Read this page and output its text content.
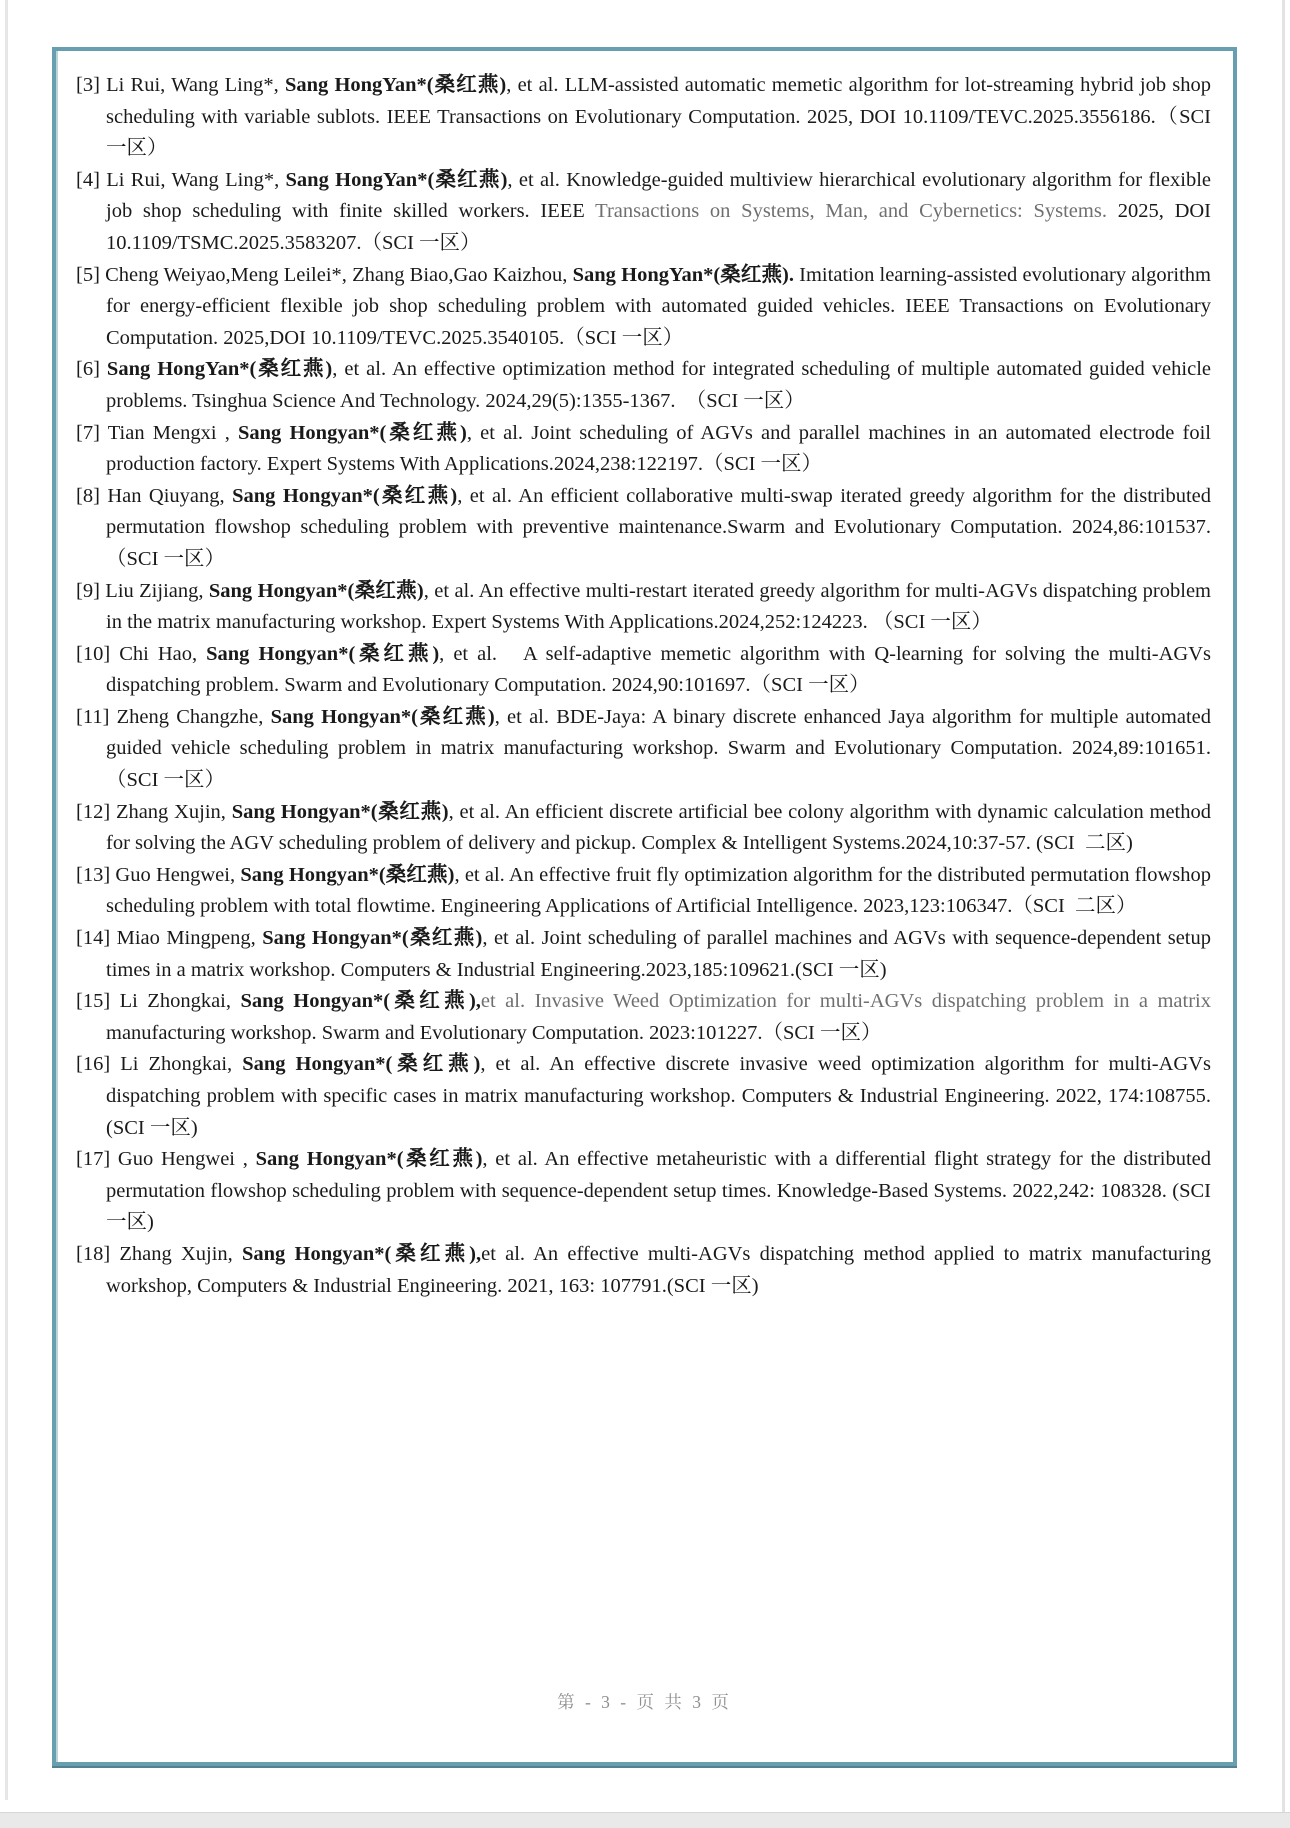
[3] Li Rui, Wang Ling*, Sang HongYan*(桑红燕), et al. LLM-assisted automatic memetic algorithm for lot-streaming hybrid job shop scheduling with variable sublots. IEEE Transactions on Evolutionary Computation. 2025, DOI 10.1109/TEVC.2025.3556186.（SCI 一区）
[4] Li Rui, Wang Ling*, Sang HongYan*(桑红燕), et al. Knowledge-guided multiview hierarchical evolutionary algorithm for flexible job shop scheduling with finite skilled workers. IEEE Transactions on Systems, Man, and Cybernetics: Systems. 2025, DOI 10.1109/TSMC.2025.3583207.（SCI 一区）
[5] Cheng Weiyao,Meng Leilei*, Zhang Biao,Gao Kaizhou, Sang HongYan*(桑红燕). Imitation learning-assisted evolutionary algorithm for energy-efficient flexible job shop scheduling problem with automated guided vehicles. IEEE Transactions on Evolutionary Computation. 2025,DOI 10.1109/TEVC.2025.3540105.（SCI 一区）
[6] Sang HongYan*(桑红燕), et al. An effective optimization method for integrated scheduling of multiple automated guided vehicle problems. Tsinghua Science And Technology. 2024,29(5):1355-1367.  （SCI 一区）
[7] Tian Mengxi , Sang Hongyan*(桑红燕), et al. Joint scheduling of AGVs and parallel machines in an automated electrode foil production factory. Expert Systems With Applications.2024,238:122197.（SCI 一区）
[8] Han Qiuyang, Sang Hongyan*(桑红燕), et al. An efficient collaborative multi-swap iterated greedy algorithm for the distributed permutation flowshop scheduling problem with preventive maintenance.Swarm and Evolutionary Computation. 2024,86:101537.（SCI 一区）
[9] Liu Zijiang, Sang Hongyan*(桑红燕), et al. An effective multi-restart iterated greedy algorithm for multi-AGVs dispatching problem in the matrix manufacturing workshop. Expert Systems With Applications.2024,252:124223. （SCI 一区）
[10] Chi Hao, Sang Hongyan*(桑红燕), et al.   A self-adaptive memetic algorithm with Q-learning for solving the multi-AGVs dispatching problem. Swarm and Evolutionary Computation. 2024,90:101697.（SCI 一区）
[11] Zheng Changzhe, Sang Hongyan*(桑红燕), et al. BDE-Jaya: A binary discrete enhanced Jaya algorithm for multiple automated guided vehicle scheduling problem in matrix manufacturing workshop. Swarm and Evolutionary Computation. 2024,89:101651.（SCI 一区）
[12] Zhang Xujin, Sang Hongyan*(桑红燕), et al. An efficient discrete artificial bee colony algorithm with dynamic calculation method for solving the AGV scheduling problem of delivery and pickup. Complex & Intelligent Systems.2024,10:37-57. (SCI  二区)
[13] Guo Hengwei, Sang Hongyan*(桑红燕), et al. An effective fruit fly optimization algorithm for the distributed permutation flowshop scheduling problem with total flowtime. Engineering Applications of Artificial Intelligence. 2023,123:106347.（SCI  二区）
[14] Miao Mingpeng, Sang Hongyan*(桑红燕), et al. Joint scheduling of parallel machines and AGVs with sequence-dependent setup times in a matrix workshop. Computers & Industrial Engineering.2023,185:109621.(SCI 一区)
[15] Li Zhongkai, Sang Hongyan*(桑红燕),et al. Invasive Weed Optimization for multi-AGVs dispatching problem in a matrix manufacturing workshop. Swarm and Evolutionary Computation. 2023:101227.（SCI 一区）
[16] Li Zhongkai, Sang Hongyan*(桑红燕), et al. An effective discrete invasive weed optimization algorithm for multi-AGVs dispatching problem with specific cases in matrix manufacturing workshop. Computers & Industrial Engineering. 2022, 174:108755.(SCI 一区)
[17] Guo Hengwei , Sang Hongyan*(桑红燕), et al. An effective metaheuristic with a differential flight strategy for the distributed permutation flowshop scheduling problem with sequence-dependent setup times. Knowledge-Based Systems. 2022,242: 108328. (SCI 一区)
[18] Zhang Xujin, Sang Hongyan*(桑红燕),et al. An effective multi-AGVs dispatching method applied to matrix manufacturing workshop, Computers & Industrial Engineering. 2021, 163: 107791.(SCI 一区)
第 - 3 - 页 共 3 页
